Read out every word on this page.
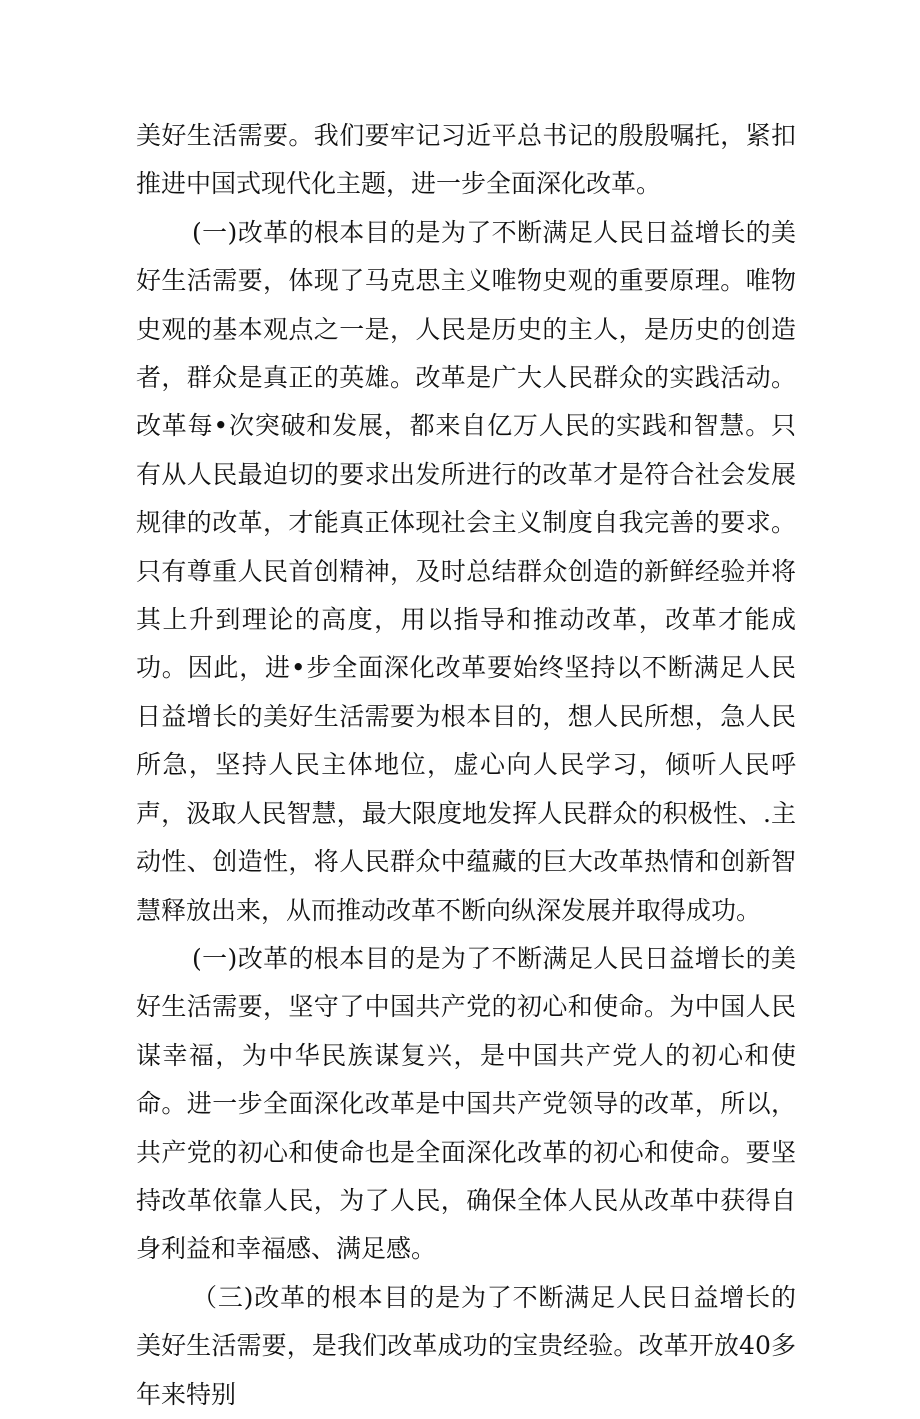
美好生活需要。我们要牢记习近平总书记的殷殷嘱托，紧扣推进中国式现代化主题，进一步全面深化改革。

(一)改革的根本目的是为了不断满足人民日益增长的美好生活需要，体现了马克思主义唯物史观的重要原理。唯物史观的基本观点之一是，人民是历史的主人，是历史的创造者，群众是真正的英雄。改革是广大人民群众的实践活动。改革每•次突破和发展，都来自亿万人民的实践和智慧。只有从人民最迫切的要求出发所进行的改革才是符合社会发展规律的改革，才能真正体现社会主义制度自我完善的要求。只有尊重人民首创精神，及时总结群众创造的新鲜经验并将其上升到理论的高度，用以指导和推动改革，改革才能成功。因此，进•步全面深化改革要始终坚持以不断满足人民日益增长的美好生活需要为根本目的，想人民所想，急人民所急，坚持人民主体地位，虚心向人民学习，倾听人民呼声，汲取人民智慧，最大限度地发挥人民群众的积极性、.主动性、创造性，将人民群众中蕴藏的巨大改革热情和创新智慧释放出来，从而推动改革不断向纵深发展并取得成功。

(一)改革的根本目的是为了不断满足人民日益增长的美好生活需要，坚守了中国共产党的初心和使命。为中国人民谋幸福，为中华民族谋复兴，是中国共产党人的初心和使命。进一步全面深化改革是中国共产党领导的改革，所以，共产党的初心和使命也是全面深化改革的初心和使命。要坚持改革依靠人民，为了人民，确保全体人民从改革中获得自身利益和幸福感、满足感。

（三)改革的根本目的是为了不断满足人民日益增长的美好生活需要，是我们改革成功的宝贵经验。改革开放40多年来特别
